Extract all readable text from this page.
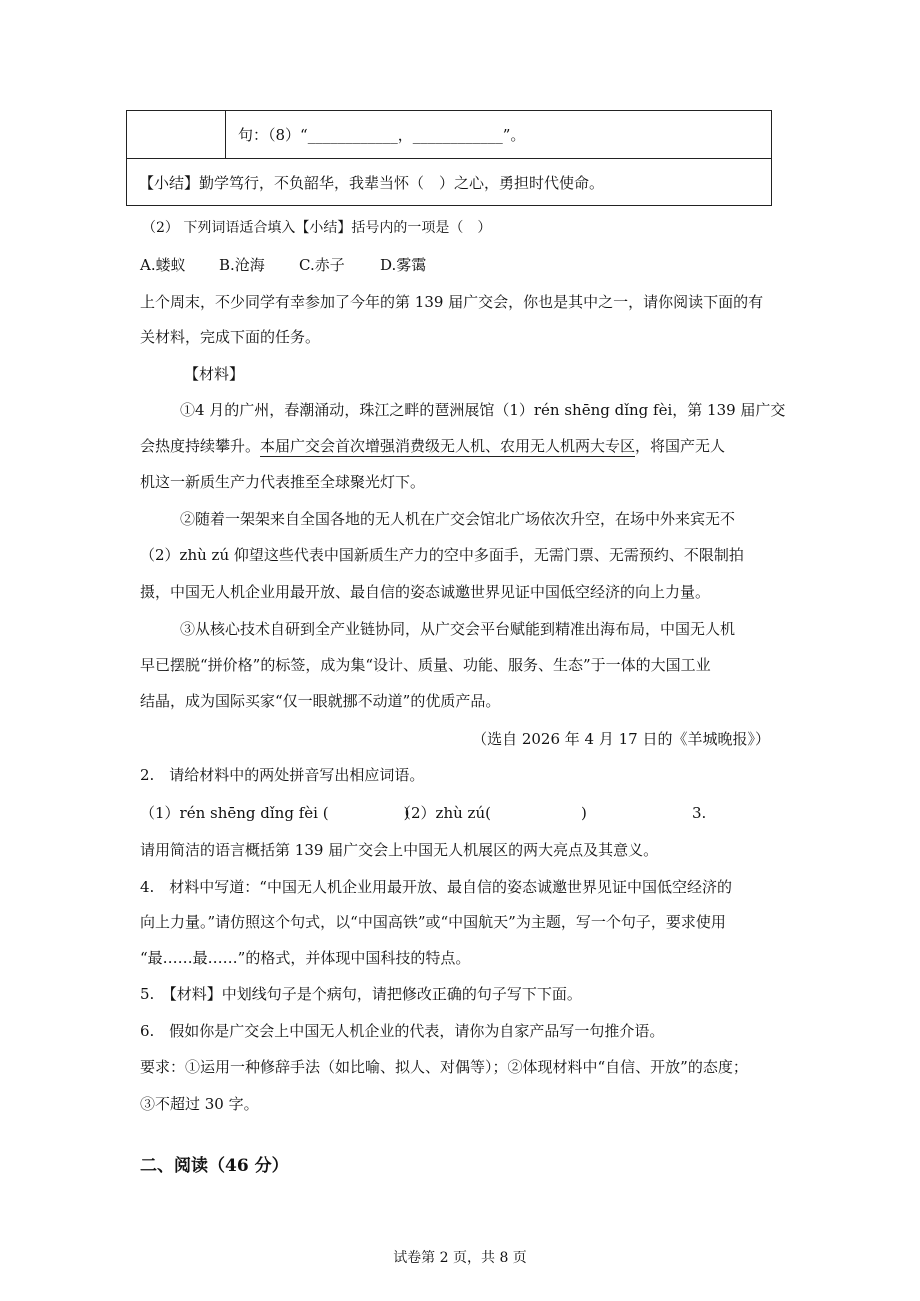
	句：（8）“____________，____________”。
【小结】勤学笃行，不负韶华，我辈当怀（　）之心，勇担时代使命。
（2） 下列词语适合填入【小结】括号内的一项是（　）
A.蝼蚁 B.沧海 C.赤子 D.雾霭
上个周末，不少同学有幸参加了今年的第 139 届广交会，你也是其中之一，请你阅读下面的有
关材料，完成下面的任务。
【材料】
①4 月的广州，春潮涌动，珠江之畔的琶洲展馆（1）rén shēng dǐng fèi，第 139 届广交
会热度持续攀升。本届广交会首次增强消费级无人机、农用无人机两大专区，将国产无人
机这一新质生产力代表推至全球聚光灯下。
②随着一架架来自全国各地的无人机在广交会馆北广场依次升空，在场中外来宾无不
（2）zhù zú 仰望这些代表中国新质生产力的空中多面手，无需门票、无需预约、不限制拍
摄，中国无人机企业用最开放、最自信的姿态诚邀世界见证中国低空经济的向上力量。
③从核心技术自研到全产业链协同，从广交会平台赋能到精准出海布局，中国无人机
早已摆脱“拼价格”的标签，成为集“设计、质量、功能、服务、生态”于一体的大国工业
结晶，成为国际买家“仅一眼就挪不动道”的优质产品。
（选自 2026 年 4 月 17 日的《羊城晚报》）
2.　请给材料中的两处拼音写出相应词语。
（1）rén shēng dǐng fèi (　　　　　)
（2）zhù zú(　　　　　　)	3.
请用简洁的语言概括第 139 届广交会上中国无人机展区的两大亮点及其意义。
4.　材料中写道：“中国无人机企业用最开放、最自信的姿态诚邀世界见证中国低空经济的
向上力量。”请仿照这个句式，以“中国高铁”或“中国航天”为主题，写一个句子，要求使用
“最……最……”的格式，并体现中国科技的特点。
5.　【材料】中划线句子是个病句，请把修改正确的句子写下下面。
6.　假如你是广交会上中国无人机企业的代表，请你为自家产品写一句推介语。
要求：①运用一种修辞手法（如比喻、拟人、对偶等）；②体现材料中“自信、开放”的态度；
③不超过 30 字。
二、阅读（46 分）
试卷第 2 页，共 8 页
